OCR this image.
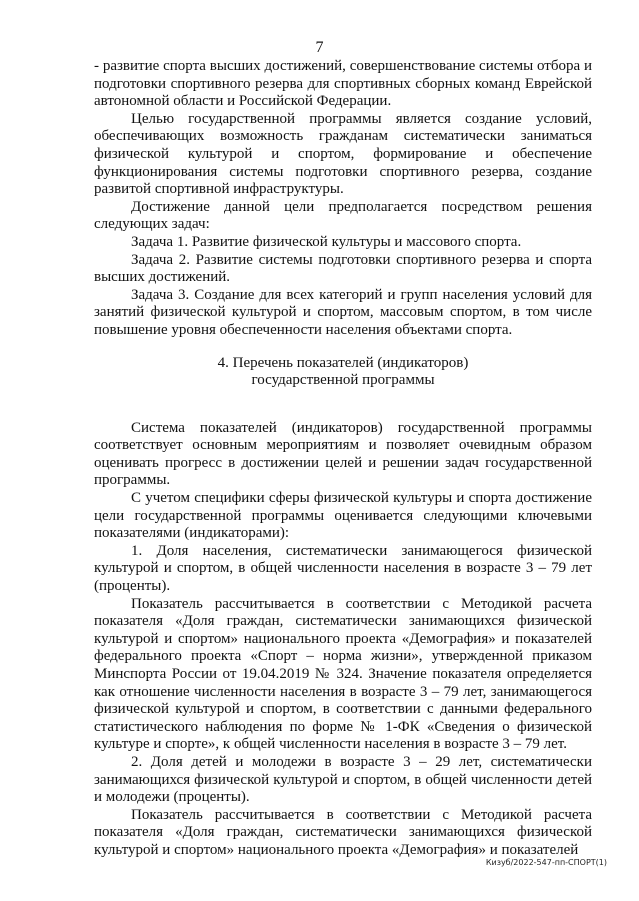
7

- развитие спорта высших достижений, совершенствование системы отбора и подготовки спортивного резерва для спортивных сборных команд Еврейской автономной области и Российской Федерации.

Целью государственной программы является создание условий, обеспечивающих возможность гражданам систематически заниматься физической культурой и спортом, формирование и обеспечение функционирования системы подготовки спортивного резерва, создание развитой спортивной инфраструктуры.

Достижение данной цели предполагается посредством решения следующих задач:

Задача 1. Развитие физической культуры и массового спорта.

Задача 2. Развитие системы подготовки спортивного резерва и спорта высших достижений.

Задача 3. Создание для всех категорий и групп населения условий для занятий физической культурой и спортом, массовым спортом, в том числе повышение уровня обеспеченности населения объектами спорта.

4. Перечень показателей (индикаторов)
государственной программы

Система показателей (индикаторов) государственной программы соответствует основным мероприятиям и позволяет очевидным образом оценивать прогресс в достижении целей и решении задач государственной программы.

С учетом специфики сферы физической культуры и спорта достижение цели государственной программы оценивается следующими ключевыми показателями (индикаторами):

1. Доля населения, систематически занимающегося физической культурой и спортом, в общей численности населения в возрасте 3 – 79 лет (проценты).

Показатель рассчитывается в соответствии с Методикой расчета показателя «Доля граждан, систематически занимающихся физической культурой и спортом» национального проекта «Демография» и показателей федерального проекта «Спорт – норма жизни», утвержденной приказом Минспорта России от 19.04.2019 № 324. Значение показателя определяется как отношение численности населения в возрасте 3 – 79 лет, занимающегося физической культурой и спортом, в соответствии с данными федерального статистического наблюдения по форме № 1-ФК «Сведения о физической культуре и спорте», к общей численности населения в возрасте 3 – 79 лет.

2. Доля детей и молодежи в возрасте 3 – 29 лет, систематически занимающихся физической культурой и спортом, в общей численности детей и молодежи (проценты).

Показатель рассчитывается в соответствии с Методикой расчета показателя «Доля граждан, систематически занимающихся физической культурой и спортом» национального проекта «Демография» и показателей

Кизуб/2022-547-пп-СПОРТ(1)
